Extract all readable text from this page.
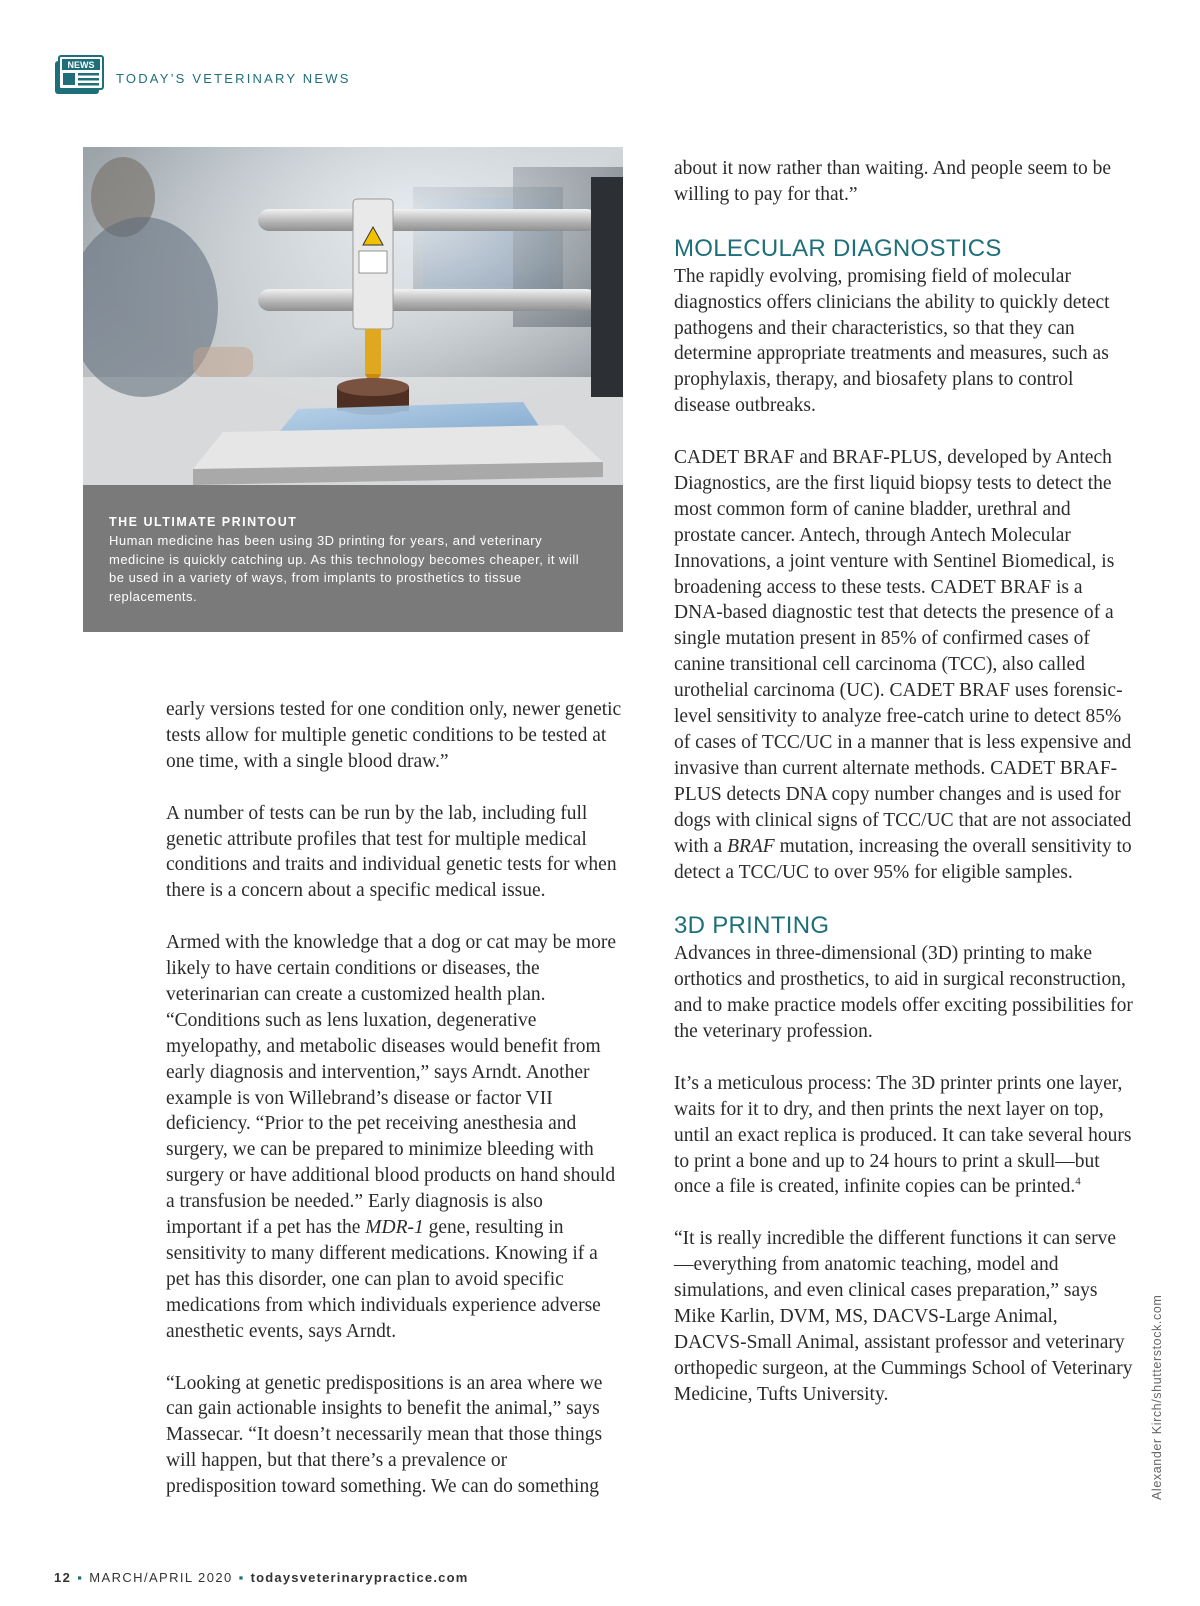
NEWS
TODAY’S VETERINARY NEWS
THE ULTIMATE PRINTOUT
Human medicine has been using 3D printing for years, and veterinary medicine is quickly catching up. As this technology becomes cheaper, it will be used in a variety of ways, from implants to prosthetics to tissue replacements.

early versions tested for one condition only, newer genetic tests allow for multiple genetic conditions to be tested at one time, with a single blood draw.”

A number of tests can be run by the lab, including full genetic attribute profiles that test for multiple medical conditions and traits and individual genetic tests for when there is a concern about a specific medical issue.

Armed with the knowledge that a dog or cat may be more likely to have certain conditions or diseases, the veterinarian can create a customized health plan. “Conditions such as lens luxation, degenerative myelopathy, and metabolic diseases would benefit from early diagnosis and intervention,” says Arndt. Another example is von Willebrand’s disease or factor VII deficiency. “Prior to the pet receiving anesthesia and surgery, we can be prepared to minimize bleeding with surgery or have additional blood products on hand should a transfusion be needed.” Early diagnosis is also important if a pet has the MDR-1 gene, resulting in sensitivity to many different medications. Knowing if a pet has this disorder, one can plan to avoid specific medications from which individuals experience adverse anesthetic events, says Arndt.

“Looking at genetic predispositions is an area where we can gain actionable insights to benefit the animal,” says Massecar. “It doesn’t necessarily mean that those things will happen, but that there’s a prevalence or predisposition toward something. We can do something

about it now rather than waiting. And people seem to be willing to pay for that.”

MOLECULAR DIAGNOSTICS

The rapidly evolving, promising field of molecular diagnostics offers clinicians the ability to quickly detect pathogens and their characteristics, so that they can determine appropriate treatments and measures, such as prophylaxis, therapy, and biosafety plans to control disease outbreaks.

CADET BRAF and BRAF-PLUS, developed by Antech Diagnostics, are the first liquid biopsy tests to detect the most common form of canine bladder, urethral and prostate cancer. Antech, through Antech Molecular Innovations, a joint venture with Sentinel Biomedical, is broadening access to these tests. CADET BRAF is a DNA-based diagnostic test that detects the presence of a single mutation present in 85% of confirmed cases of canine transitional cell carcinoma (TCC), also called urothelial carcinoma (UC). CADET BRAF uses forensic-level sensitivity to analyze free-catch urine to detect 85% of cases of TCC/UC in a manner that is less expensive and invasive than current alternate methods. CADET BRAF-PLUS detects DNA copy number changes and is used for dogs with clinical signs of TCC/UC that are not associated with a BRAF mutation, increasing the overall sensitivity to detect a TCC/UC to over 95% for eligible samples.

3D PRINTING

Advances in three-dimensional (3D) printing to make orthotics and prosthetics, to aid in surgical reconstruction, and to make practice models offer exciting possibilities for the veterinary profession.

It’s a meticulous process: The 3D printer prints one layer, waits for it to dry, and then prints the next layer on top, until an exact replica is produced. It can take several hours to print a bone and up to 24 hours to print a skull—but once a file is created, infinite copies can be printed.$^4$

“It is really incredible the different functions it can serve—everything from anatomic teaching, model and simulations, and even clinical cases preparation,” says Mike Karlin, DVM, MS, DACVS-Large Animal, DACVS-Small Animal, assistant professor and veterinary orthopedic surgeon, at the Cummings School of Veterinary Medicine, Tufts University.	Alexander Kirch/shutterstock.com
12 ▪ MARCH/APRIL 2020 ▪ todaysveterinarypractice.com
